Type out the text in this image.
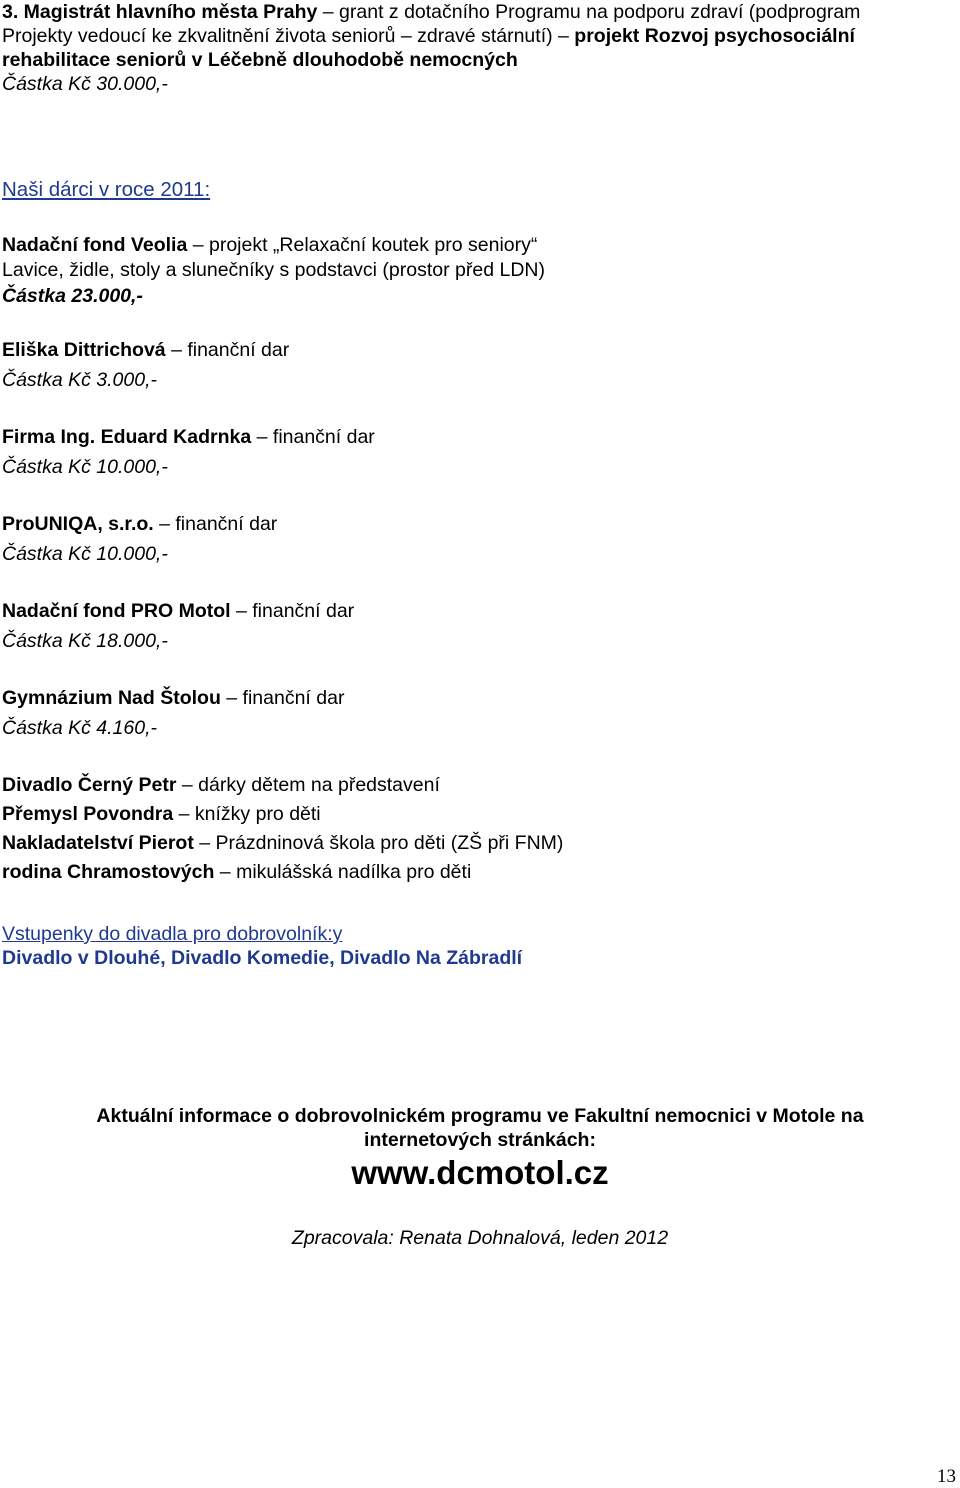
3. Magistrát hlavního města Prahy – grant z dotačního Programu na podporu zdraví (podprogram
Projekty vedoucí ke zkvalitnění života seniorů – zdravé stárnutí) – projekt Rozvoj psychosociální
rehabilitace seniorů v Léčebně dlouhodobě nemocných
Částka Kč 30.000,-
Naši dárci v roce 2011:
Nadační fond Veolia – projekt „Relaxační koutek pro seniory“
Lavice, židle, stoly a slunečníky s podstavci (prostor před LDN)
Částka 23.000,-
Eliška Dittrichová – finanční dar
Částka Kč 3.000,-
Firma Ing. Eduard Kadrnka – finanční dar
Částka Kč 10.000,-
ProUNIQA, s.r.o. – finanční dar
Částka Kč 10.000,-
Nadační fond PRO Motol – finanční dar
Částka Kč 18.000,-
Gymnázium Nad Štolou – finanční dar
Částka Kč 4.160,-
Divadlo Černý Petr – dárky dětem na představení
Přemysl Povondra – knížky pro děti
Nakladatelství Pierot – Prázdninová škola pro děti (ZŠ při FNM)
rodina Chramostových – mikulášská nadílka pro děti
Vstupenky do divadla pro dobrovolník:y
Divadlo v Dlouhé, Divadlo Komedie, Divadlo Na Zábradlí
Aktuální informace o dobrovolnickém programu ve Fakultní nemocnici v Motole na
internetových stránkách:
www.dcmotol.cz
Zpracovala: Renata Dohnalová, leden 2012
13
